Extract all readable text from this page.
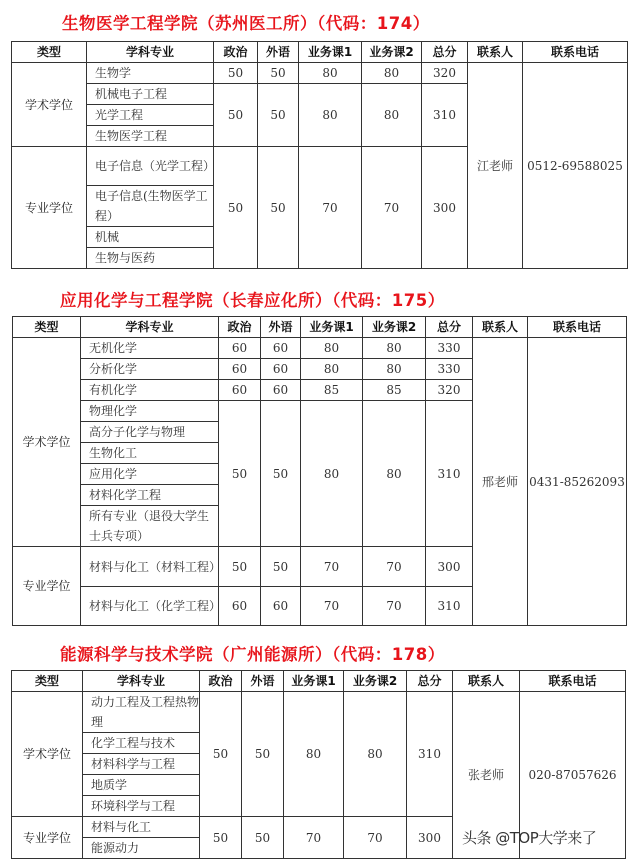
生物医学工程学院（苏州医工所）（代码：174）
类型	学科专业	政治	外语	业务课1	业务课2	总分	联系人	联系电话
学术学位	生物学	50	50	80	80	320	江老师	0512-69588025
	机械电子工程	50	50	80	80	310		
	光学工程							
	生物医学工程							
专业学位	电子信息（光学工程）	50	50	70	70	300		
	电子信息(生物医学工程）							
	机械							
	生物与医药							
应用化学与工程学院（长春应化所）（代码：175）
类型	学科专业	政治	外语	业务课1	业务课2	总分	联系人	联系电话
学术学位	无机化学	60	60	80	80	330	邢老师	0431-85262093
	分析化学	60	60	80	80	330		
	有机化学	60	60	85	85	320		
	物理化学	50	50	80	80	310		
	高分子化学与物理							
	生物化工							
	应用化学							
	材料化学工程							
	所有专业（退役大学生士兵专项）							
专业学位	材料与化工（材料工程）	50	50	70	70	300		
	材料与化工（化学工程）	60	60	70	70	310		
能源科学与技术学院（广州能源所）（代码：178）
类型	学科专业	政治	外语	业务课1	业务课2	总分	联系人	联系电话
学术学位	动力工程及工程热物理	50	50	80	80	310	张老师	020-87057626
	化学工程与技术							
	材料科学与工程							
	地质学							
	环境科学与工程							
专业学位	材料与化工	50	50	70	70	300		
	能源动力							
头条 @TOP大学来了
